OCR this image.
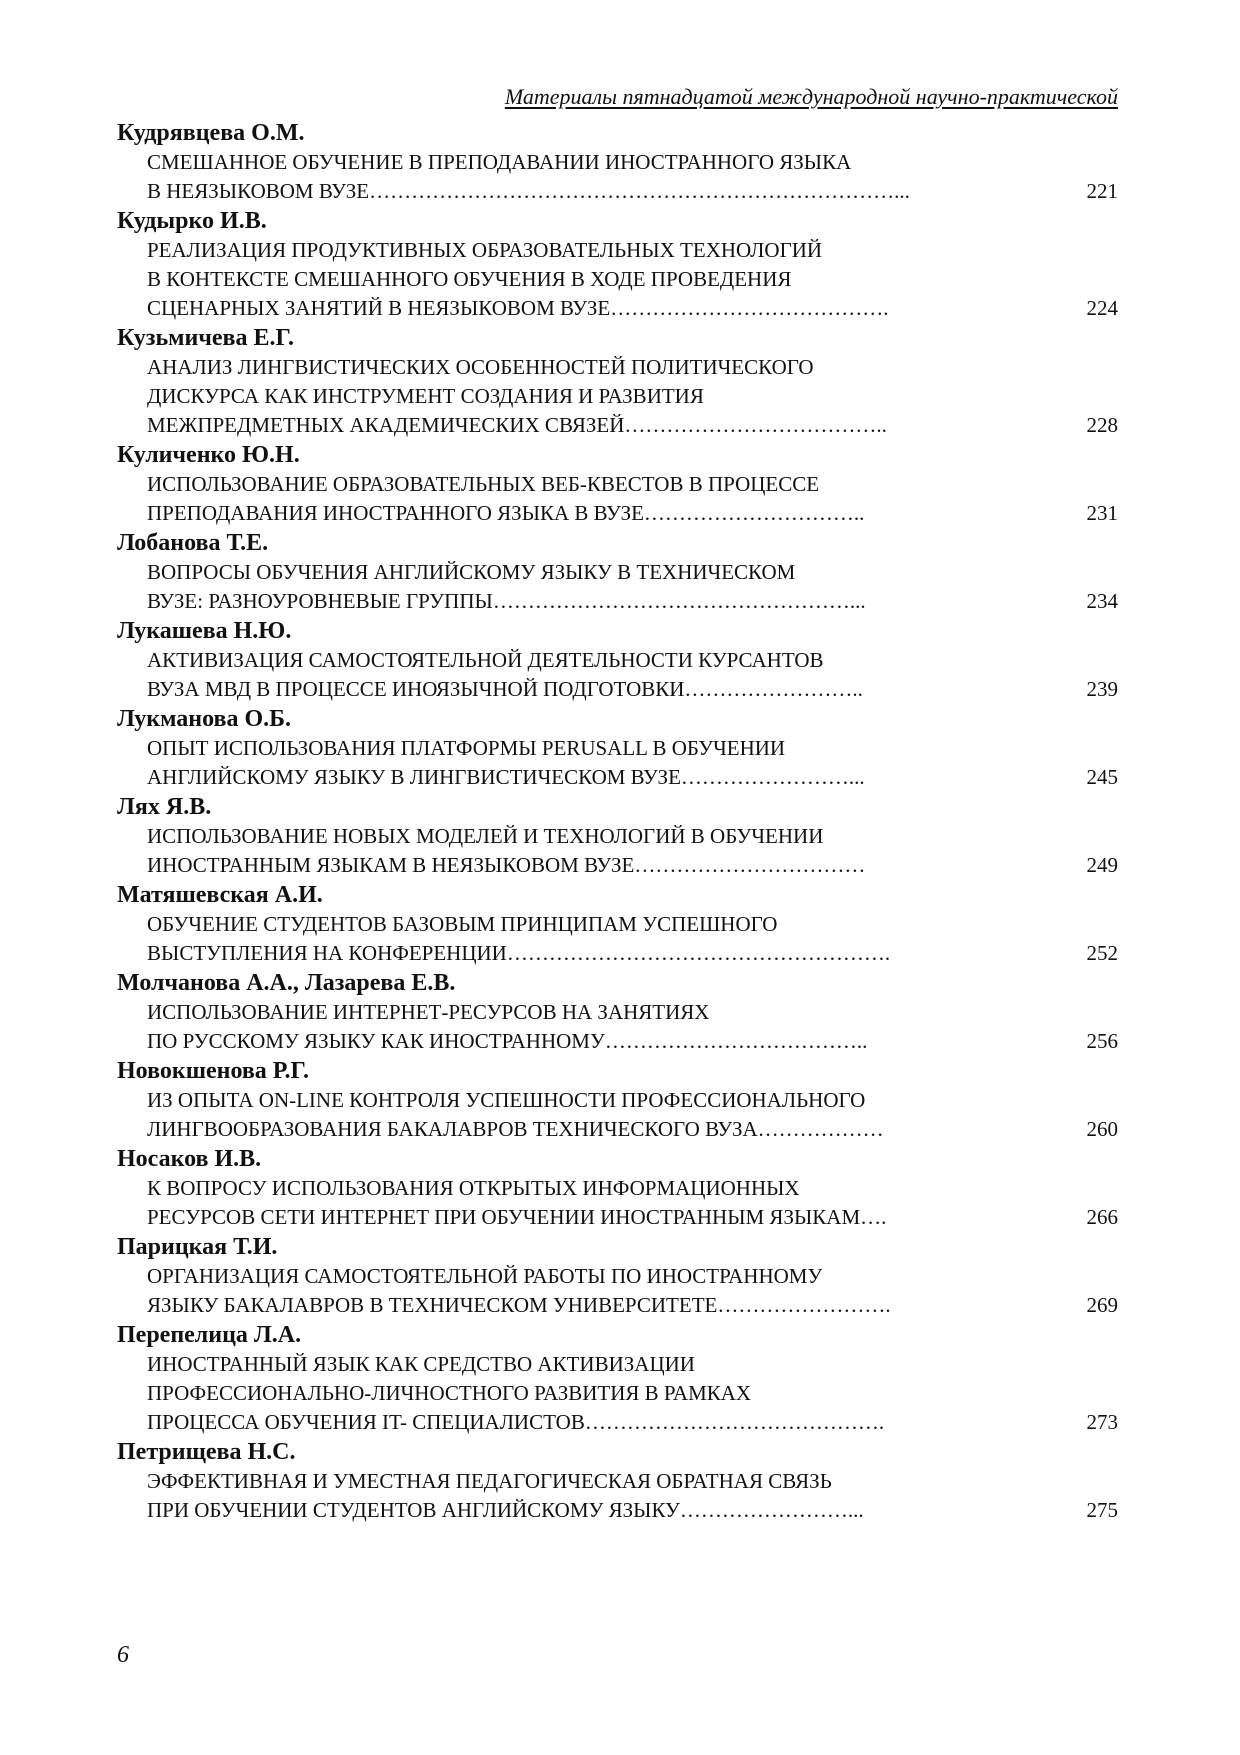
Материалы пятнадцатой международной научно-практической
Кудрявцева О.М.
СМЕШАННОЕ ОБУЧЕНИЕ В ПРЕПОДАВАНИИ ИНОСТРАННОГО ЯЗЫКА
В НЕЯЗЫКОВОМ ВУЗЕ…………………………………………………………………...	221
Кудырко И.В.
РЕАЛИЗАЦИЯ ПРОДУКТИВНЫХ ОБРАЗОВАТЕЛЬНЫХ ТЕХНОЛОГИЙ
В КОНТЕКСТЕ СМЕШАННОГО ОБУЧЕНИЯ В ХОДЕ ПРОВЕДЕНИЯ
СЦЕНАРНЫХ ЗАНЯТИЙ В НЕЯЗЫКОВОМ ВУЗЕ………………………………….	224
Кузьмичева Е.Г.
АНАЛИЗ ЛИНГВИСТИЧЕСКИХ ОСОБЕННОСТЕЙ ПОЛИТИЧЕСКОГО
ДИСКУРСА КАК ИНСТРУМЕНТ СОЗДАНИЯ И РАЗВИТИЯ
МЕЖПРЕДМЕТНЫХ АКАДЕМИЧЕСКИХ СВЯЗЕЙ………………………………..	228
Куличенко Ю.Н.
ИСПОЛЬЗОВАНИЕ ОБРАЗОВАТЕЛЬНЫХ ВЕБ-КВЕСТОВ В ПРОЦЕССЕ
ПРЕПОДАВАНИЯ ИНОСТРАННОГО ЯЗЫКА В ВУЗЕ…………………………..	231
Лобанова Т.Е.
ВОПРОСЫ ОБУЧЕНИЯ АНГЛИЙСКОМУ ЯЗЫКУ В ТЕХНИЧЕСКОМ
ВУЗЕ: РАЗНОУРОВНЕВЫЕ ГРУППЫ……………………………………………...	234
Лукашева Н.Ю.
АКТИВИЗАЦИЯ САМОСТОЯТЕЛЬНОЙ ДЕЯТЕЛЬНОСТИ КУРСАНТОВ
ВУЗА МВД В ПРОЦЕССЕ ИНОЯЗЫЧНОЙ ПОДГОТОВКИ……………………..	239
Лукманова О.Б.
ОПЫТ ИСПОЛЬЗОВАНИЯ ПЛАТФОРМЫ PERUSALL В ОБУЧЕНИИ
АНГЛИЙСКОМУ ЯЗЫКУ В ЛИНГВИСТИЧЕСКОМ ВУЗЕ……………………...	245
Лях Я.В.
ИСПОЛЬЗОВАНИЕ НОВЫХ МОДЕЛЕЙ И ТЕХНОЛОГИЙ В ОБУЧЕНИИ
ИНОСТРАННЫМ ЯЗЫКАМ В НЕЯЗЫКОВОМ ВУЗЕ……………………………	249
Матяшевская А.И.
ОБУЧЕНИЕ СТУДЕНТОВ БАЗОВЫМ ПРИНЦИПАМ УСПЕШНОГО
ВЫСТУПЛЕНИЯ НА КОНФЕРЕНЦИИ……………………………………………….	252
Молчанова А.А., Лазарева Е.В.
ИСПОЛЬЗОВАНИЕ ИНТЕРНЕТ-РЕСУРСОВ НА ЗАНЯТИЯХ
ПО РУССКОМУ ЯЗЫКУ КАК ИНОСТРАННОМУ………………………………..	256
Новокшенова Р.Г.
ИЗ ОПЫТА ON-LINE КОНТРОЛЯ УСПЕШНОСТИ ПРОФЕССИОНАЛЬНОГО
ЛИНГВООБРАЗОВАНИЯ БАКАЛАВРОВ ТЕХНИЧЕСКОГО ВУЗА………………	260
Носаков И.В.
К ВОПРОСУ ИСПОЛЬЗОВАНИЯ ОТКРЫТЫХ ИНФОРМАЦИОННЫХ
РЕСУРСОВ СЕТИ ИНТЕРНЕТ ПРИ ОБУЧЕНИИ ИНОСТРАННЫМ ЯЗЫКАМ….	266
Парицкая Т.И.
ОРГАНИЗАЦИЯ САМОСТОЯТЕЛЬНОЙ РАБОТЫ ПО ИНОСТРАННОМУ
ЯЗЫКУ БАКАЛАВРОВ В ТЕХНИЧЕСКОМ УНИВЕРСИТЕТЕ…………………….	269
Перепелица Л.А.
ИНОСТРАННЫЙ ЯЗЫК КАК СРЕДСТВО АКТИВИЗАЦИИ
ПРОФЕССИОНАЛЬНО-ЛИЧНОСТНОГО РАЗВИТИЯ В РАМКАХ
ПРОЦЕССА ОБУЧЕНИЯ IT- СПЕЦИАЛИСТОВ…………………………………….	273
Петрищева Н.С.
ЭФФЕКТИВНАЯ И УМЕСТНАЯ ПЕДАГОГИЧЕСКАЯ ОБРАТНАЯ СВЯЗЬ
ПРИ ОБУЧЕНИИ СТУДЕНТОВ АНГЛИЙСКОМУ ЯЗЫКУ……………………...	275
6
